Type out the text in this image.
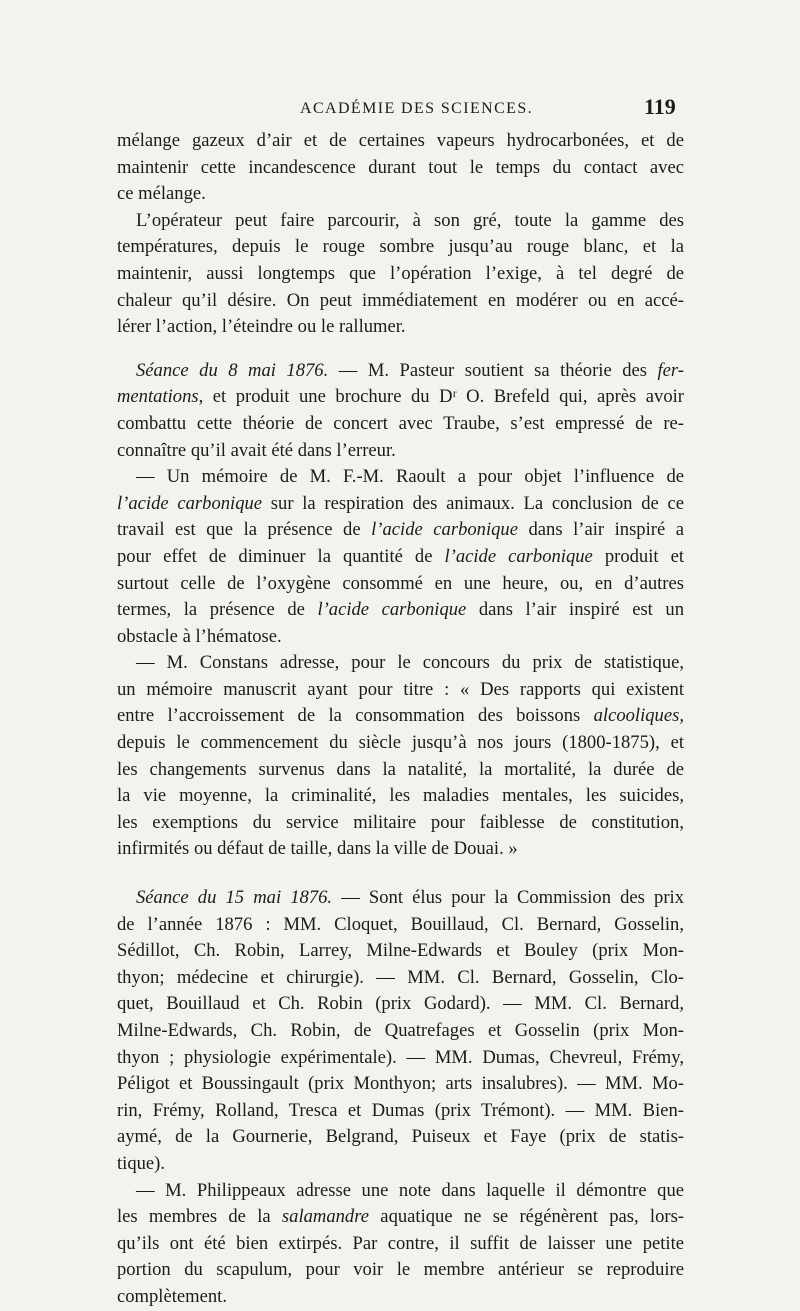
ACADÉMIE DES SCIENCES.	119

mélange gazeux d’air et de certaines vapeurs hydrocarbonées, et de

maintenir cette incandescence durant tout le temps du contact avec

ce mélange.

L’opérateur peut faire parcourir, à son gré, toute la gamme des

températures, depuis le rouge sombre jusqu’au rouge blanc, et la

maintenir, aussi longtemps que l’opération l’exige, à tel degré de

chaleur qu’il désire. On peut immédiatement en modérer ou en accé-

lérer l’action, l’éteindre ou le rallumer.

Séance du 8 mai 1876. — M. Pasteur soutient sa théorie des fer-

mentations, et produit une brochure du Dʳ O. Brefeld qui, après avoir

combattu cette théorie de concert avec Traube, s’est empressé de re-

connaître qu’il avait été dans l’erreur.

— Un mémoire de M. F.-M. Raoult a pour objet l’influence de

l’acide carbonique sur la respiration des animaux. La conclusion de ce

travail est que la présence de l’acide carbonique dans l’air inspiré a

pour effet de diminuer la quantité de l’acide carbonique produit et

surtout celle de l’oxygène consommé en une heure, ou, en d’autres

termes, la présence de l’acide carbonique dans l’air inspiré est un

obstacle à l’hématose.

— M. Constans adresse, pour le concours du prix de statistique,

un mémoire manuscrit ayant pour titre : « Des rapports qui existent

entre l’accroissement de la consommation des boissons alcooliques,

depuis le commencement du siècle jusqu’à nos jours (1800-1875), et

les changements survenus dans la natalité, la mortalité, la durée de

la vie moyenne, la criminalité, les maladies mentales, les suicides,

les exemptions du service militaire pour faiblesse de constitution,

infirmités ou défaut de taille, dans la ville de Douai. »

Séance du 15 mai 1876. — Sont élus pour la Commission des prix

de l’année 1876 : MM. Cloquet, Bouillaud, Cl. Bernard, Gosselin,

Sédillot, Ch. Robin, Larrey, Milne-Edwards et Bouley (prix Mon-

thyon; médecine et chirurgie). — MM. Cl. Bernard, Gosselin, Clo-

quet, Bouillaud et Ch. Robin (prix Godard). — MM. Cl. Bernard,

Milne-Edwards, Ch. Robin, de Quatrefages et Gosselin (prix Mon-

thyon ; physiologie expérimentale). — MM. Dumas, Chevreul, Frémy,

Péligot et Boussingault (prix Monthyon; arts insalubres). — MM. Mo-

rin, Frémy, Rolland, Tresca et Dumas (prix Trémont). — MM. Bien-

aymé, de la Gournerie, Belgrand, Puiseux et Faye (prix de statis-

tique).

— M. Philippeaux adresse une note dans laquelle il démontre que

les membres de la salamandre aquatique ne se régénèrent pas, lors-

qu’ils ont été bien extirpés. Par contre, il suffit de laisser une petite

portion du scapulum, pour voir le membre antérieur se reproduire

complètement.
